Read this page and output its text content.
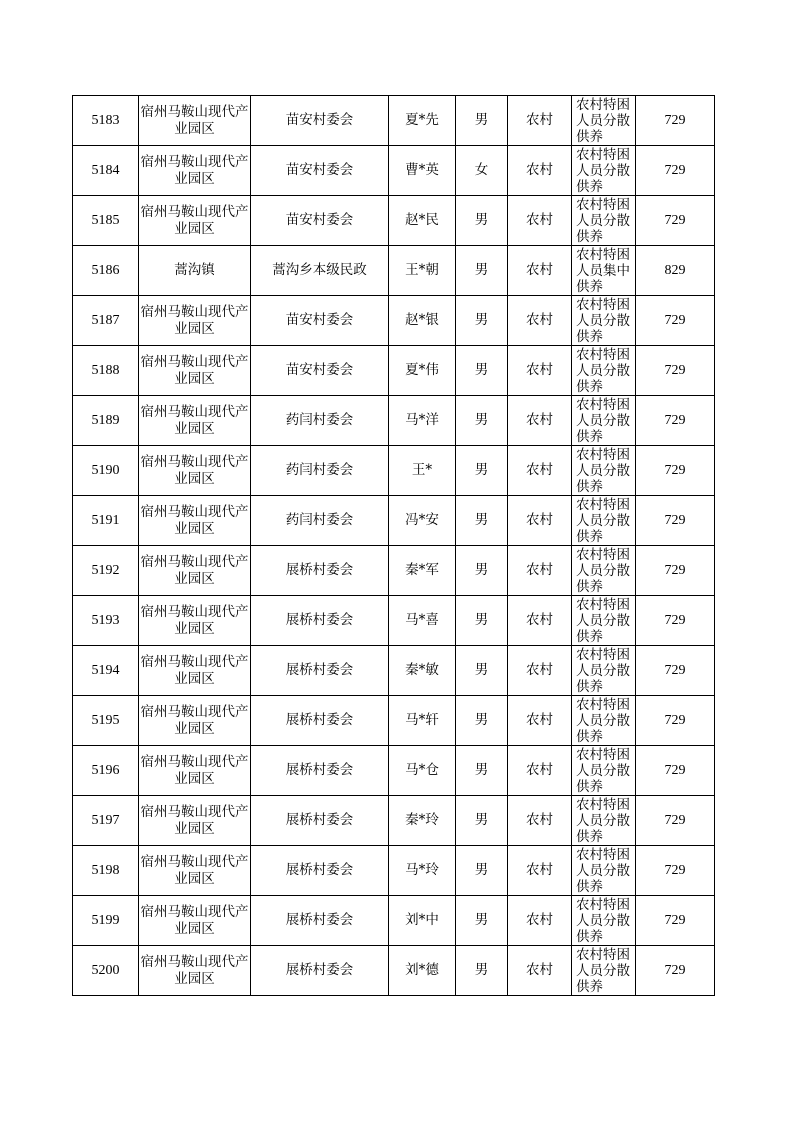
5183	宿州马鞍山现代产业园区	苗安村委会	夏*先	男	农村	农村特困人员分散供养	729
5184	宿州马鞍山现代产业园区	苗安村委会	曹*英	女	农村	农村特困人员分散供养	729
5185	宿州马鞍山现代产业园区	苗安村委会	赵*民	男	农村	农村特困人员分散供养	729
5186	蒿沟镇	蒿沟乡本级民政	王*朝	男	农村	农村特困人员集中供养	829
5187	宿州马鞍山现代产业园区	苗安村委会	赵*银	男	农村	农村特困人员分散供养	729
5188	宿州马鞍山现代产业园区	苗安村委会	夏*伟	男	农村	农村特困人员分散供养	729
5189	宿州马鞍山现代产业园区	药闫村委会	马*洋	男	农村	农村特困人员分散供养	729
5190	宿州马鞍山现代产业园区	药闫村委会	王*	男	农村	农村特困人员分散供养	729
5191	宿州马鞍山现代产业园区	药闫村委会	冯*安	男	农村	农村特困人员分散供养	729
5192	宿州马鞍山现代产业园区	展桥村委会	秦*军	男	农村	农村特困人员分散供养	729
5193	宿州马鞍山现代产业园区	展桥村委会	马*喜	男	农村	农村特困人员分散供养	729
5194	宿州马鞍山现代产业园区	展桥村委会	秦*敏	男	农村	农村特困人员分散供养	729
5195	宿州马鞍山现代产业园区	展桥村委会	马*轩	男	农村	农村特困人员分散供养	729
5196	宿州马鞍山现代产业园区	展桥村委会	马*仓	男	农村	农村特困人员分散供养	729
5197	宿州马鞍山现代产业园区	展桥村委会	秦*玲	男	农村	农村特困人员分散供养	729
5198	宿州马鞍山现代产业园区	展桥村委会	马*玲	男	农村	农村特困人员分散供养	729
5199	宿州马鞍山现代产业园区	展桥村委会	刘*中	男	农村	农村特困人员分散供养	729
5200	宿州马鞍山现代产业园区	展桥村委会	刘*德	男	农村	农村特困人员分散供养	729
